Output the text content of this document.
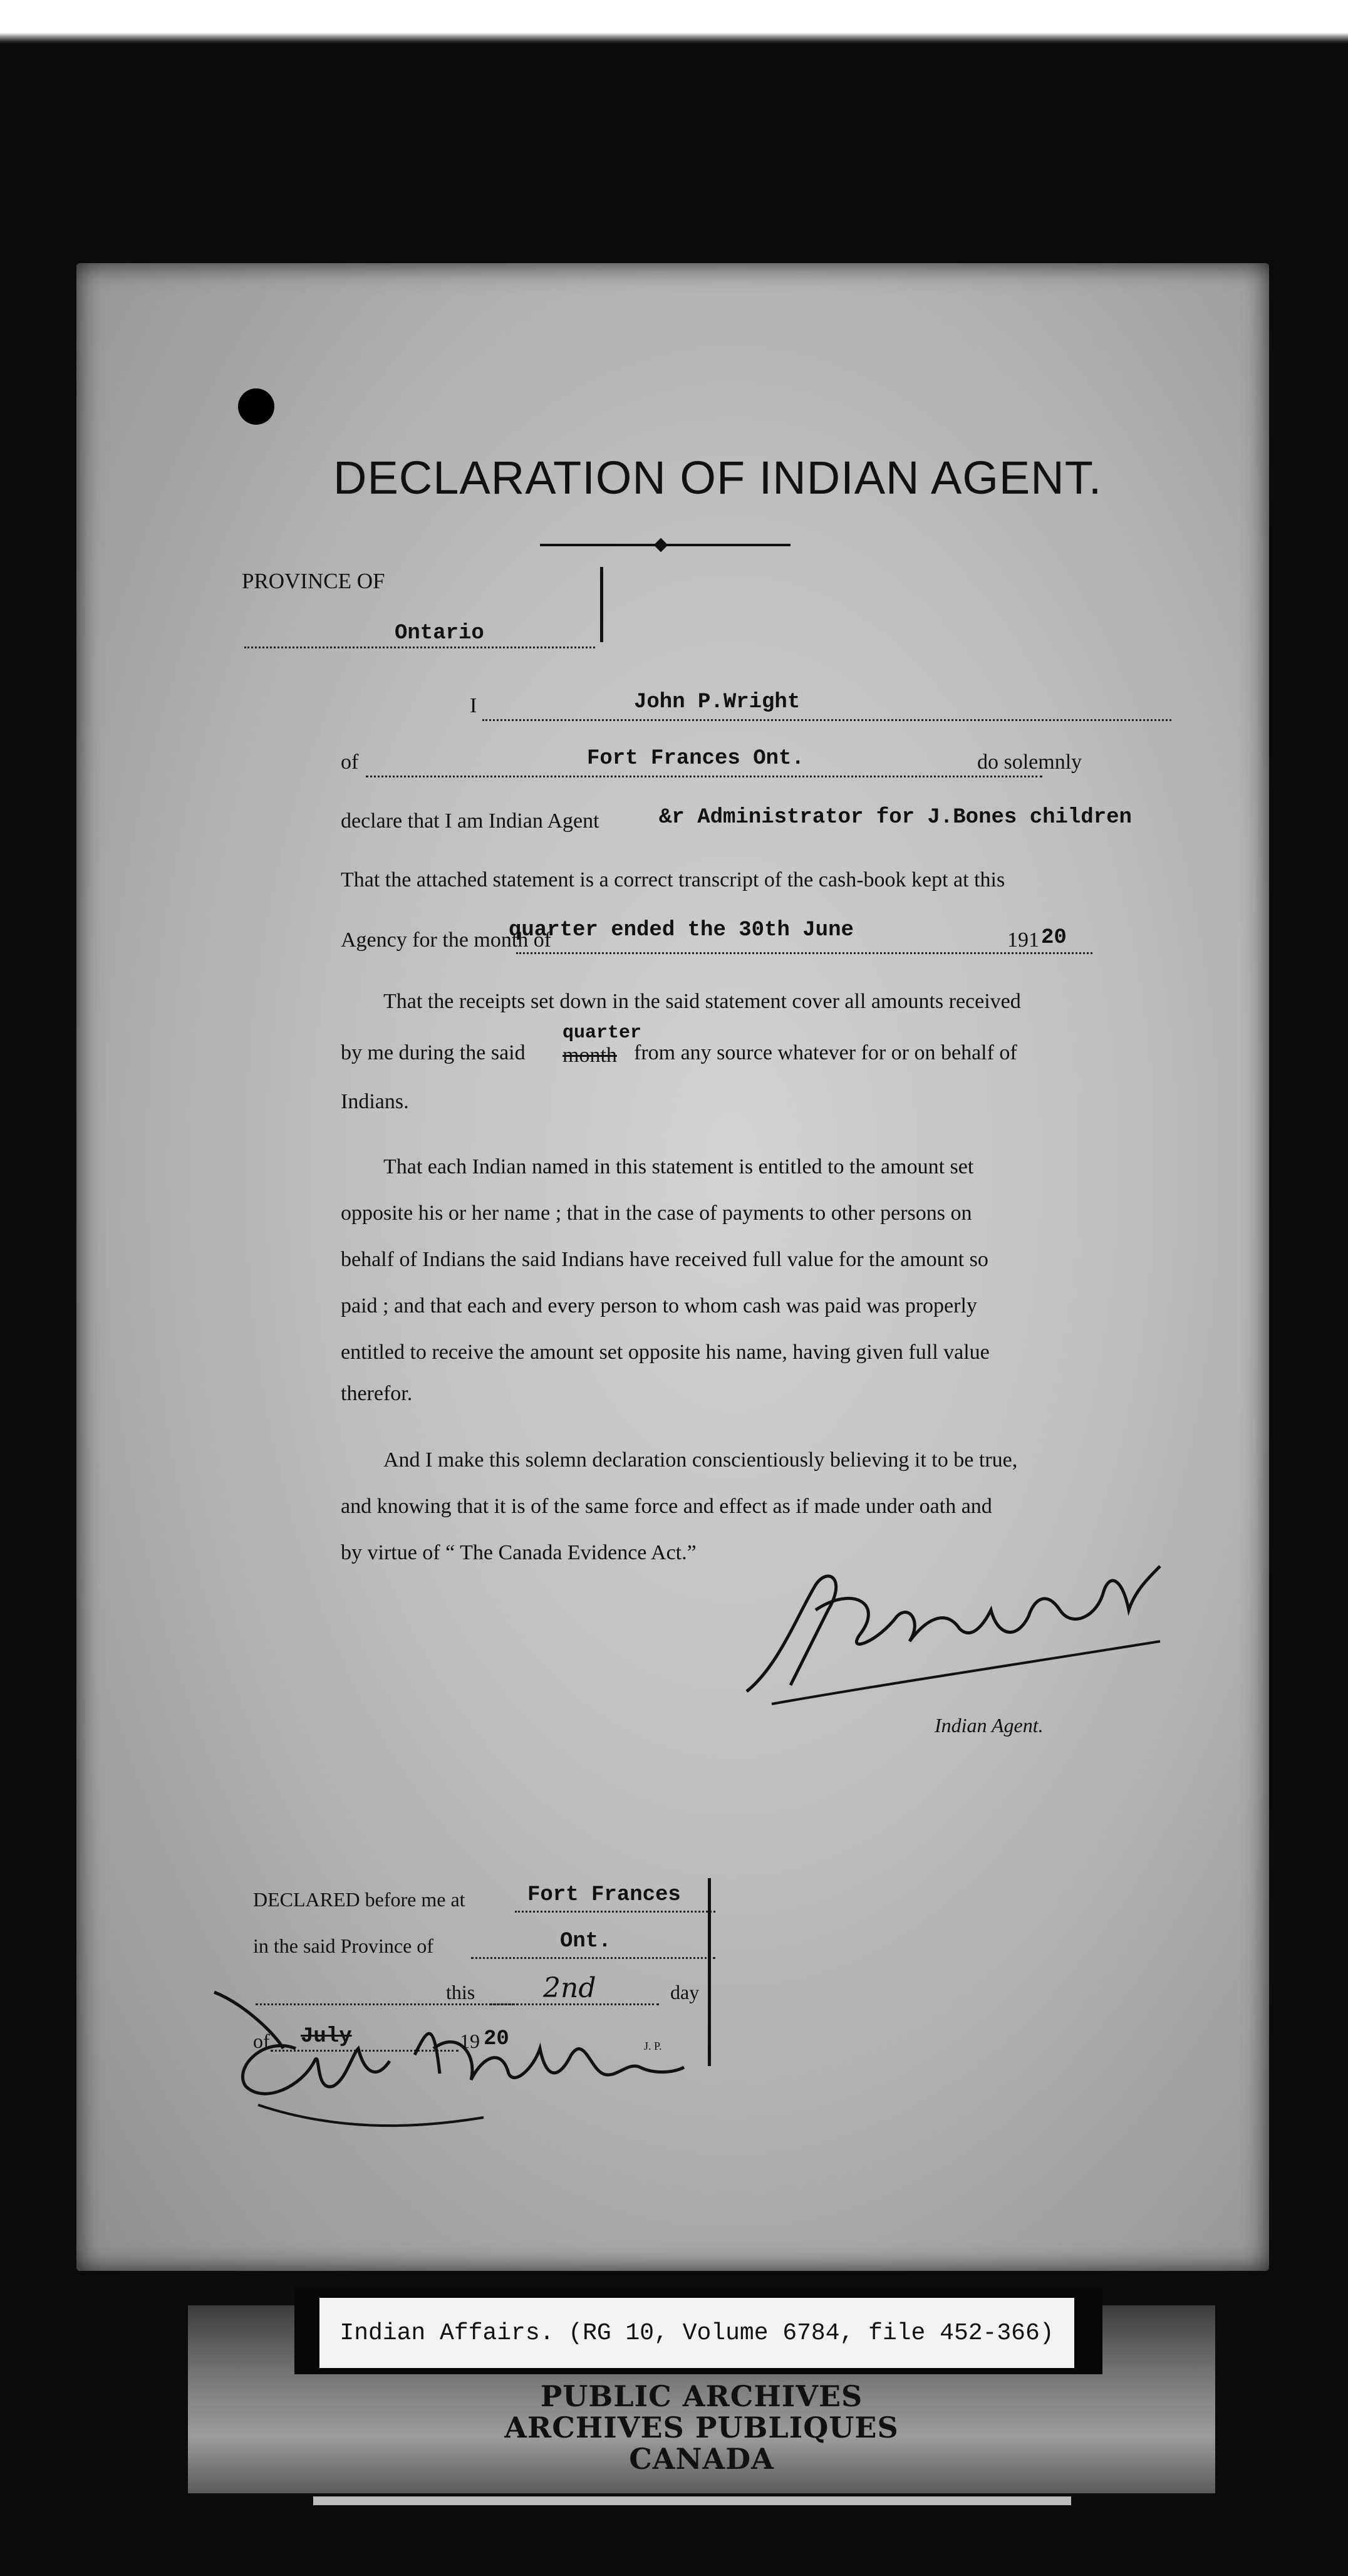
DECLARATION OF INDIAN AGENT.
PROVINCE OF
Ontario
I	John P.Wright
of	Fort Frances Ont.	do solemnly
declare that I am Indian Agent	&r Administrator for J.Bones children
That the attached statement is a correct transcript of the cash-book kept at this
Agency for the month of
quarter ended the 30th June	191 20
That the receipts set down in the said statement cover all amounts received
by me during the said month
quarter
from any source whatever for or on behalf of
Indians.
That each Indian named in this statement is entitled to the amount set
opposite his or her name ; that in the case of payments to other persons on
behalf of Indians the said Indians have received full value for the amount so
paid ; and that each and every person to whom cash was paid was properly
entitled to receive the amount set opposite his name, having given full value
therefor.
And I make this solemn declaration conscientiously believing it to be true,
and knowing that it is of the same force and effect as if made under oath and
by virtue of “ The Canada Evidence Act.”
Indian Agent.
DECLARED before me at	Fort Frances
in the said Province of	Ont.
this 2nd	day
of July	19 20	J. P.
Indian Affairs. (RG 10, Volume 6784, file 452-366)
PUBLIC ARCHIVES
ARCHIVES PUBLIQUES
CANADA
